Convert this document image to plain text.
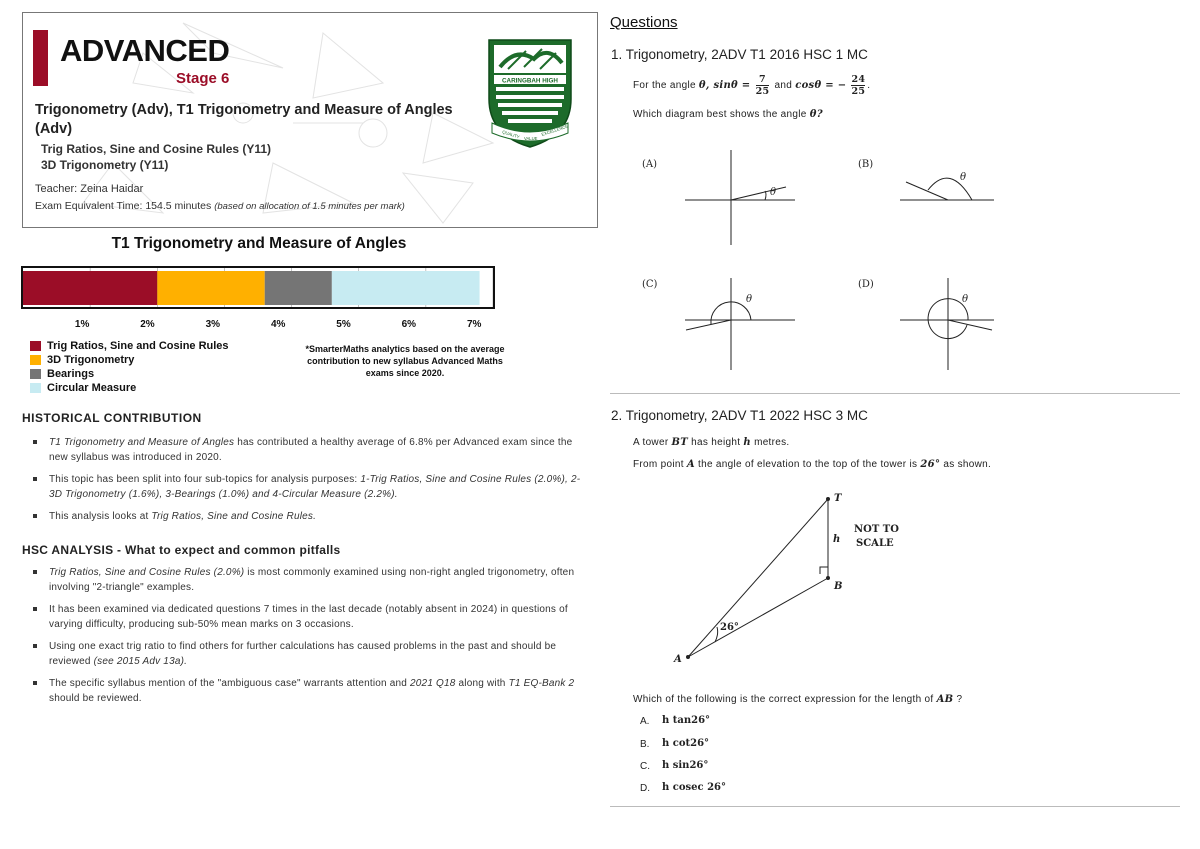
ADVANCED
Stage 6	CARINGBAH HIGH
QUALITY VALUE
EXCELLENCE
Trigonometry (Adv), T1 Trigonometry and Measure of Angles (Adv)
Trig Ratios, Sine and Cosine Rules (Y11)
3D Trigonometry (Y11)
Teacher: Zeina Haidar
Exam Equivalent Time: 154.5 minutes (based on allocation of 1.5 minutes per mark)
T1 Trigonometry and Measure of Angles
1%	2%	3%	4%	5%	6%	7%
Trig Ratios, Sine and Cosine Rules
3D Trigonometry
Bearings
Circular Measure
*SmarterMaths analytics based on the average contribution to new syllabus Advanced Maths exams since 2020.
HISTORICAL CONTRIBUTION
T1 Trigonometry and Measure of Angles has contributed a healthy average of 6.8% per Advanced exam since the new syllabus was introduced in 2020.
This topic has been split into four sub-topics for analysis purposes: 1-Trig Ratios, Sine and Cosine Rules (2.0%), 2- 3D Trigonometry (1.6%), 3-Bearings (1.0%) and 4-Circular Measure (2.2%).
This analysis looks at Trig Ratios, Sine and Cosine Rules.
HSC ANALYSIS - What to expect and common pitfalls
Trig Ratios, Sine and Cosine Rules (2.0%) is most commonly examined using non-right angled trigonometry, often involving "2-triangle" examples.
It has been examined via dedicated questions 7 times in the last decade (notably absent in 2024) in questions of varying difficulty, producing sub-50% mean marks on 3 occasions.
Using one exact trig ratio to find others for further calculations has caused problems in the past and should be reviewed (see 2015 Adv 13a).
The specific syllabus mention of the "ambiguous case" warrants attention and 2021 Q18 along with T1 EQ-Bank 2 should be reviewed.
Questions
1. Trigonometry, 2ADV T1 2016 HSC 1 MC
For the angle θ, $\sin\theta = \frac{7}{25}$ and cosθ = − $\frac{24}{25}$ .
Which diagram best shows the angle θ?
(A)
θ
(B)
θ
(C)
θ
(D)
θ
2. Trigonometry, 2ADV T1 2022 HSC 3 MC
A tower BT has height h metres.
From point A the angle of elevation to the top of the tower is 26° as shown.
T
B
A
h
26°
NOT TO
SCALE
Which of the following is the correct expression for the length of AB ?
A. h tan26°
B. h cot26°
C. h sin26°
D. h cosec 26°
